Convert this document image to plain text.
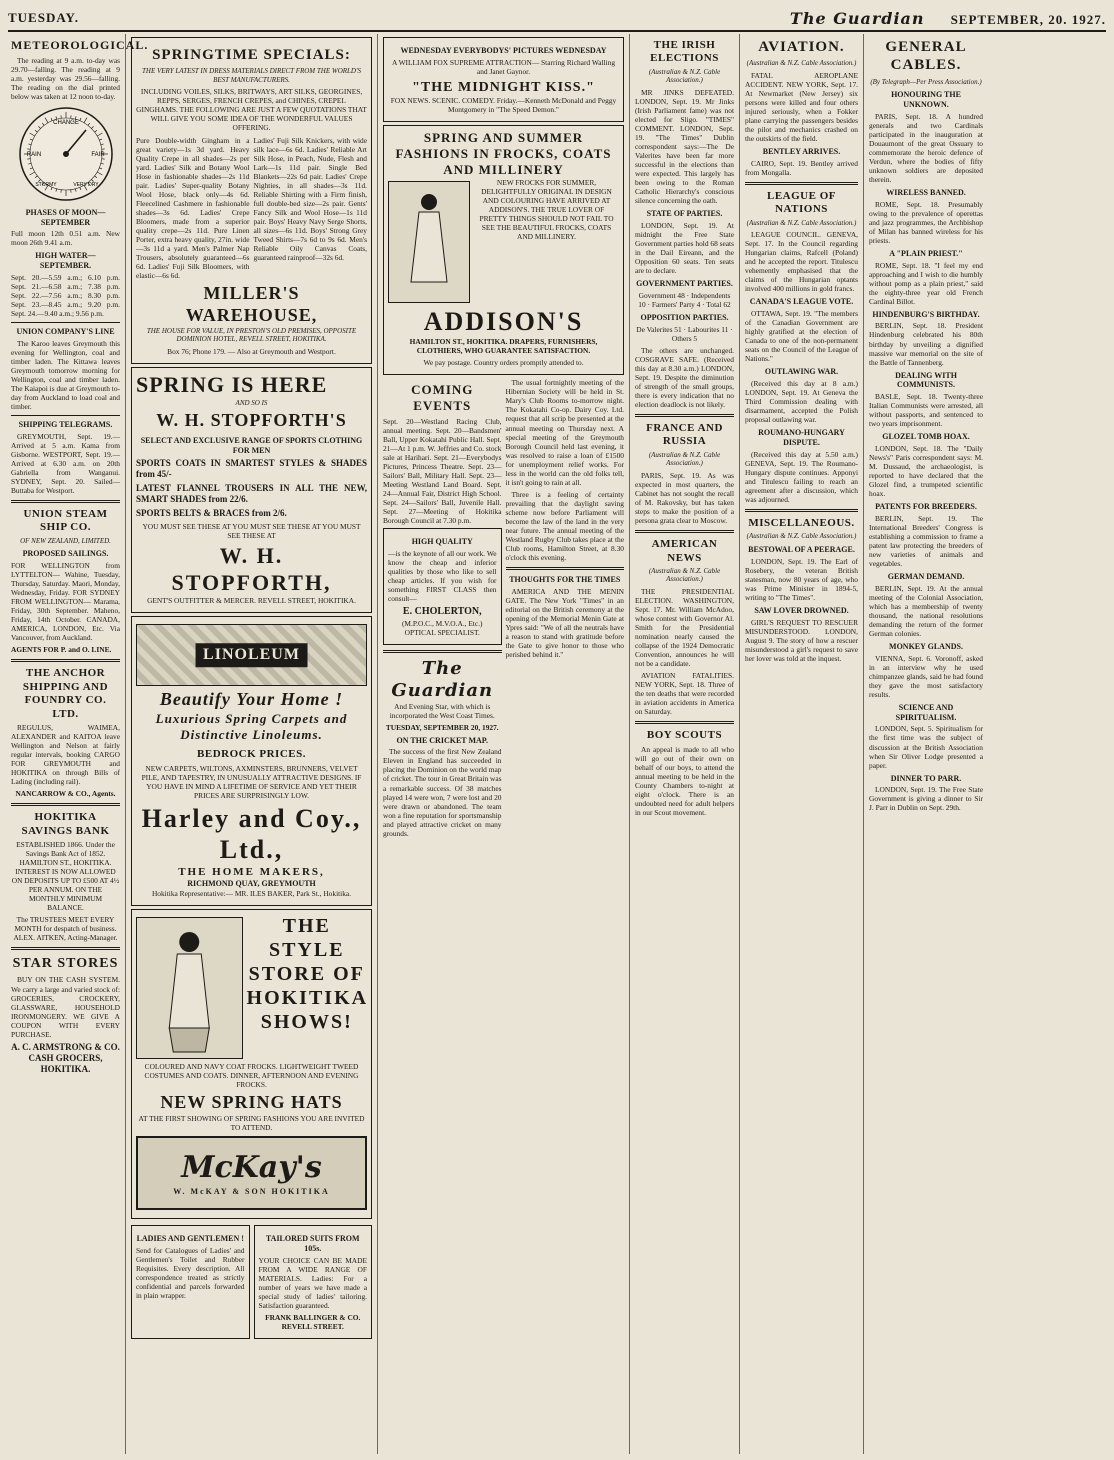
TUESDAY.	The Guardian SEPTEMBER, 20. 1927.
METEOROLOGICAL.

The reading at 9 a.m. to-day was 29.70—falling. The reading at 9 a.m. yesterday was 29.56—falling. The reading on the dial printed below was taken at 12 noon to-day.

CHANGE
FAIR
RAIN
STORMY	VERY DRY
PHASES OF MOON—SEPTEMBER

Full moon 12th 0.51 a.m. New moon 26th 9.41 a.m.

HIGH WATER—SEPTEMBER.

Sept. 20.—5.59 a.m.; 6.10 p.m. Sept. 21.—6.58 a.m.; 7.38 p.m. Sept. 22.—7.56 a.m.; 8.30 p.m. Sept. 23.—8.45 a.m.; 9.20 p.m. Sept. 24.—9.40 a.m.; 9.56 p.m.

UNION COMPANY'S LINE

The Karoo leaves Greymouth this evening for Wellington, coal and timber laden. The Kittawa leaves Greymouth tomorrow morning for Wellington, coal and timber laden. The Kaiapoi is due at Greymouth to-day from Auckland to load coal and timber.

SHIPPING TELEGRAMS.

GREYMOUTH, Sept. 19.—Arrived at 5 a.m. Kama from Gisborne. WESTPORT, Sept. 19.—Arrived at 6.30 a.m. on 20th Gabriella from Wanganui. SYDNEY, Sept. 20. Sailed—Buttaba for Westport.

UNION STEAM SHIP CO.
OF NEW ZEALAND, LIMITED.
PROPOSED SAILINGS.

FOR WELLINGTON from LYTTELTON— Wahine, Tuesday, Thursday, Saturday. Maori, Monday, Wednesday, Friday. FOR SYDNEY FROM WELLINGTON— Marama, Friday, 30th September. Maheno, Friday, 14th October. CANADA, AMERICA, LONDON, Etc. Via Vancouver, from Auckland.

AGENTS FOR P. and O. LINE.

THE ANCHOR SHIPPING AND FOUNDRY CO. LTD.

REGULUS, WAIMEA, ALEXANDER and KAITOA leave Wellington and Nelson at fairly regular intervals, booking CARGO FOR GREYMOUTH and HOKITIKA on through Bills of Lading (including rail).

NANCARROW & CO., Agents.

HOKITIKA SAVINGS BANK

ESTABLISHED 1866. Under the Savings Bank Act of 1852. HAMILTON ST., HOKITIKA. INTEREST IS NOW ALLOWED ON DEPOSITS UP TO £500 AT 4½ PER ANNUM. ON THE MONTHLY MINIMUM BALANCE.

The TRUSTEES MEET EVERY MONTH for despatch of business. ALEX. AITKEN, Acting-Manager.

STAR STORES

BUY ON THE CASH SYSTEM. We carry a large and varied stock of: GROCERIES, CROCKERY, GLASSWARE, HOUSEHOLD IRONMONGERY. WE GIVE A COUPON WITH EVERY PURCHASE.

A. C. ARMSTRONG & CO. CASH GROCERS, HOKITIKA.

SPRINGTIME SPECIALS:
THE VERY LATEST IN DRESS MATERIALS DIRECT FROM THE WORLD'S BEST MANUFACTURERS.

INCLUDING VOILES, SILKS, BRITWAYS, ART SILKS, GEORGINES, REPPS, SERGES, FRENCH CREPES, and CHINES, CREPEL GINGHAMS. THE FOLLOWING ARE JUST A FEW QUOTATIONS THAT WILL GIVE YOU SOME IDEA OF THE WONDERFUL VALUES OFFERING.

Pure Double-width Gingham in a great variety—1s 3d yard. Heavy Quality Crepe in all shades—2s per yard. Ladies' Silk and Botany Wool Hose in fashionable shades—2s 11d pair. Ladies' Super-quality Botany Wool Hose, black only—4s 6d. Fleecelined Cashmere in fashionable shades—3s 6d. Ladies' Crepe Bloomers, made from a superior quality crepe—2s 11d. Pure Linen Porter, extra heavy quality, 27in. wide—3s 11d a yard. Men's Palmer Nap Trousers, absolutely guaranteed—6s 6d. Ladies' Fuji Silk Bloomers, with elastic—6s 6d.

Ladies' Fuji Silk Knickers, with wide silk lace—6s 6d. Ladies' Reliable Art Silk Hose, in Peach, Nude, Flesh and Lark—1s 11d pair. Single Bed Blankets—22s 6d pair. Ladies' Crepe Nighties, in all shades—3s 11d. Reliable Shirting with a Firm finish, full double-bed size—2s pair. Gents' Fancy Silk and Wool Hose—1s 11d pair. Boys' Heavy Navy Serge Shorts, all sizes—6s 11d. Boys' Strong Grey Tweed Shirts—7s 6d to 9s 6d. Men's Reliable Oily Canvas Coats, guaranteed rainproof—32s 6d.

MILLER'S WAREHOUSE,
THE HOUSE FOR VALUE, IN PRESTON'S OLD PREMISES, OPPOSITE DOMINION HOTEL, REVELL STREET, HOKITIKA.

Box 76; Phone 179. — Also at Greymouth and Westport.

SPRING IS HERE
AND SO IS
W. H. STOPFORTH'S
SELECT AND EXCLUSIVE RANGE OF SPORTS CLOTHING FOR MEN

SPORTS COATS IN SMARTEST STYLES & SHADES from 45/-

LATEST FLANNEL TROUSERS IN ALL THE NEW, SMART SHADES from 22/6.

SPORTS BELTS & BRACES from 2/6.

YOU MUST SEE THESE AT YOU MUST SEE THESE AT YOU MUST SEE THESE AT

W. H. STOPFORTH,

GENT'S OUTFITTER & MERCER. REVELL STREET, HOKITIKA.

LINOLEUM
Beautify Your Home !
Luxurious Spring Carpets and Distinctive Linoleums.
BEDROCK PRICES.

NEW CARPETS, WILTONS, AXMINSTERS, BRUNNERS, VELVET PILE, AND TAPESTRY, IN UNUSUALLY ATTRACTIVE DESIGNS. IF YOU HAVE IN MIND A LIFETIME OF SERVICE AND YET THEIR PRICES ARE SURPRISINGLY LOW.

Harley and Coy., Ltd.,
THE HOME MAKERS,
RICHMOND QUAY, GREYMOUTH

Hokitika Representative:— MR. ILES BAKER, Park St., Hokitika.

THE STYLE STORE OF HOKITIKA SHOWS!

COLOURED AND NAVY COAT FROCKS. LIGHTWEIGHT TWEED COSTUMES AND COATS. DINNER, AFTERNOON AND EVENING FROCKS.

NEW SPRING HATS

AT THE FIRST SHOWING OF SPRING FASHIONS YOU ARE INVITED TO ATTEND.

McKay's
W. McKAY & SON HOKITIKA
LADIES AND GENTLEMEN !

Send for Catalogues of Ladies' and Gentlemen's Toilet and Rubber Requisites. Every description. All correspondence treated as strictly confidential and parcels forwarded in plain wrapper.

TAILORED SUITS FROM 105s.

YOUR CHOICE CAN BE MADE FROM A WIDE RANGE OF MATERIALS. Ladies: For a number of years we have made a special study of ladies' tailoring. Satisfaction guaranteed.

FRANK BALLINGER & CO. REVELL STREET.

WEDNESDAY EVERYBODYS' PICTURES WEDNESDAY

A WILLIAM FOX SUPREME ATTRACTION— Starring Richard Walling and Janet Gaynor.

"THE MIDNIGHT KISS."

FOX NEWS. SCENIC. COMEDY. Friday.—Kenneth McDonald and Peggy Montgomery in "The Speed Demon."

SPRING AND SUMMER FASHIONS IN FROCKS, COATS AND MILLINERY

NEW FROCKS FOR SUMMER, DELIGHTFULLY ORIGINAL IN DESIGN AND COLOURING HAVE ARRIVED AT ADDISON'S. THE TRUE LOVER OF PRETTY THINGS SHOULD NOT FAIL TO SEE THE BEAUTIFUL FROCKS, COATS AND MILLINERY.

ADDISON'S

HAMILTON ST., HOKITIKA. DRAPERS, FURNISHERS, CLOTHIERS, WHO GUARANTEE SATISFACTION.

We pay postage. Country orders promptly attended to.

COMING EVENTS

Sept. 20—Westland Racing Club, annual meeting. Sept. 20—Bandsmen' Ball, Upper Kokatahi Public Hall. Sept. 21—At 1 p.m. W. Jeffries and Co. stock sale at Harihari. Sept. 21—Everybodys Pictures, Princess Theatre. Sept. 23—Sailors' Ball, Military Hall. Sept. 23—Meeting Westland Land Board. Sept. 24—Annual Fair, District High School. Sept. 24—Sailors' Ball, Juvenile Hall. Sept. 27—Meeting of Hokitika Borough Council at 7.30 p.m.

HIGH QUALITY

—is the keynote of all our work. We know the cheap and inferior qualities by those who like to sell cheap articles. If you wish for something FIRST CLASS then consult—

E. CHOLERTON,

(M.P.O.C., M.V.O.A., Etc.) OPTICAL SPECIALIST.

The Guardian

And Evening Star, with which is incorporated the West Coast Times.

TUESDAY, SEPTEMBER 20, 1927.

ON THE CRICKET MAP.

The success of the first New Zealand Eleven in England has succeeded in placing the Dominion on the world map of cricket. The tour in Great Britain was a remarkable success. Of 38 matches played 14 were won, 7 were lost and 20 were drawn or abandoned. The team won a fine reputation for sportsmanship and played attractive cricket on many grounds.

The usual fortnightly meeting of the Hibernian Society will be held in St. Mary's Club Rooms to-morrow night. The Kokatahi Co-op. Dairy Coy. Ltd. request that all scrip be presented at the annual meeting on Thursday next. A special meeting of the Greymouth Borough Council held last evening, it was resolved to raise a loan of £1500 for unemployment relief works. For less in the world can the old folks tell, it isn't going to rain at all.

Three is a feeling of certainty prevailing that the daylight saving scheme now before Parliament will become the law of the land in the very near future. The annual meeting of the Westland Rugby Club takes place at the Club rooms, Hamilton Street, at 8.30 o'clock this evening.

THOUGHTS FOR THE TIMES

AMERICA AND THE MENIN GATE. The New York "Times" in an editorial on the British ceremony at the opening of the Memorial Menin Gate at Ypres said: "We of all the neutrals have a reason to stand with gratitude before the Gate to give honor to those who perished behind it."

THE IRISH ELECTIONS
(Australian & N.Z. Cable Association.)

MR JINKS DEFEATED. LONDON, Sept. 19. Mr Jinks (Irish Parliament fame) was not elected for Sligo. "TIMES" COMMENT. LONDON, Sept. 19. "The Times" Dublin correspondent says:—The De Valerites have been far more successful in the elections than were expected. This largely has been owing to the Roman Catholic Hierarchy's conscious silence concerning the oath.

STATE OF PARTIES.

LONDON, Sept. 19. At midnight the Free State Government parties hold 68 seats in the Dail Eireann, and the Opposition 60 seats. Ten seats are to declare.

GOVERNMENT PARTIES.

Government 48 · Independents 10 · Farmers' Party 4 · Total 62

OPPOSITION PARTIES.

De Valerites 51 · Labourites 11 · Others 5

The others are unchanged. COSGRAVE SAFE. (Received this day at 8.30 a.m.) LONDON, Sept. 19. Despite the diminution of strength of the small groups, there is every indication that no election deadlock is not likely.

FRANCE AND RUSSIA
(Australian & N.Z. Cable Association.)

PARIS, Sept. 19. As was expected in most quarters, the Cabinet has not sought the recall of M. Rakovsky, but has taken steps to make the position of a persona grata clear to Moscow.

AMERICAN NEWS
(Australian & N.Z. Cable Association.)

THE PRESIDENTIAL ELECTION. WASHINGTON, Sept. 17. Mr. William McAdoo, whose contest with Governor Al. Smith for the Presidential nomination nearly caused the collapse of the 1924 Democratic Convention, announces he will not be a candidate.

AVIATION FATALITIES. NEW YORK, Sept. 18. Three of the ten deaths that were recorded in aviation accidents in America on Saturday.

BOY SCOUTS

An appeal is made to all who will go out of their own on behalf of our boys, to attend the annual meeting to be held in the County Chambers to-night at eight o'clock. There is an undoubted need for adult helpers in our Scout movement.

AVIATION.
(Australian & N.Z. Cable Association.)

FATAL AEROPLANE ACCIDENT. NEW YORK, Sept. 17. At Newmarket (New Jersey) six persons were killed and four others injured seriously, when a Fokker plane carrying the passengers besides the pilot and mechanics crashed on the outskirts of the field.

BENTLEY ARRIVES.

CAIRO, Sept. 19. Bentley arrived from Mongalla.

LEAGUE OF NATIONS
(Australian & N.Z. Cable Association.)

LEAGUE COUNCIL. GENEVA, Sept. 17. In the Council regarding Hungarian claims, Rafcell (Poland) and he accepted the report. Titulescu vehemently emphasised that the claims of the Hungarian optants involved 400 millions in gold francs.

CANADA'S LEAGUE VOTE.

OTTAWA, Sept. 19. "The members of the Canadian Government are highly gratified at the election of Canada to one of the non-permanent seats on the Council of the League of Nations."

OUTLAWING WAR.

(Received this day at 8 a.m.) LONDON, Sept. 19. At Geneva the Third Commission dealing with disarmament, accepted the Polish proposal outlawing war.

ROUMANO-HUNGARY DISPUTE.

(Received this day at 5.50 a.m.) GENEVA, Sept. 19. The Roumano-Hungary dispute continues. Apponyi and Titulescu failing to reach an agreement after a discussion, which was adjourned.

MISCELLANEOUS.
(Australian & N.Z. Cable Association.)
BESTOWAL OF A PEERAGE.

LONDON, Sept. 19. The Earl of Rosebery, the veteran British statesman, now 80 years of age, who was Prime Minister in 1894-5, writing to "The Times".

SAW LOVER DROWNED.

GIRL'S REQUEST TO RESCUER MISUNDERSTOOD. LONDON, August 9. The story of how a rescuer misunderstood a girl's request to save her lover was told at the inquest.

GENERAL CABLES.
(By Telegraph—Per Press Association.)
HONOURING THE UNKNOWN.

PARIS, Sept. 18. A hundred generals and two Cardinals participated in the inauguration at Douaumont of the great Ossuary to commemorate the heroic defence of Verdun, where the bodies of fifty unknown soldiers are deposited therein.

WIRELESS BANNED.

ROME, Sept. 18. Presumably owing to the prevalence of operettas and jazz programmes, the Archbishop of Milan has banned wireless for his priests.

A "PLAIN PRIEST."

ROME, Sept. 18. "I feel my end approaching and I wish to die humbly without pomp as a plain priest," said the eighty-three year old French Cardinal Billot.

HINDENBURG'S BIRTHDAY.

BERLIN, Sept. 18. President Hindenburg celebrated his 80th birthday by unveiling a dignified massive war memorial on the site of the Battle of Tannenberg.

DEALING WITH COMMUNISTS.

BASLE, Sept. 18. Twenty-three Italian Communists were arrested, all without passports, and sentenced to two years imprisonment.

GLOZEL TOMB HOAX.

LONDON, Sept. 18. The "Daily News's" Paris correspondent says: M. M. Dussaud, the archaeologist, is reported to have declared that the Glozel find, a trumpeted scientific hoax.

PATENTS FOR BREEDERS.

BERLIN, Sept. 19. The International Breeders' Congress is establishing a commission to frame a patent law protecting the breeders of new varieties of animals and vegetables.

GERMAN DEMAND.

BERLIN, Sept. 19. At the annual meeting of the Colonial Association, which has a membership of twenty thousand, the national resolutions demanding the return of the former German colonies.

MONKEY GLANDS.

VIENNA, Sept. 6. Voronoff, asked in an interview why he used chimpanzee glands, said he had found they gave the most satisfactory results.

SCIENCE AND SPIRITUALISM.

LONDON, Sept. 5. Spiritualism for the first time was the subject of discussion at the British Association when Sir Oliver Lodge presented a paper.

DINNER TO PARR.

LONDON, Sept. 19. The Free State Government is giving a dinner to Sir J. Parr in Dublin on Sept. 29th.
